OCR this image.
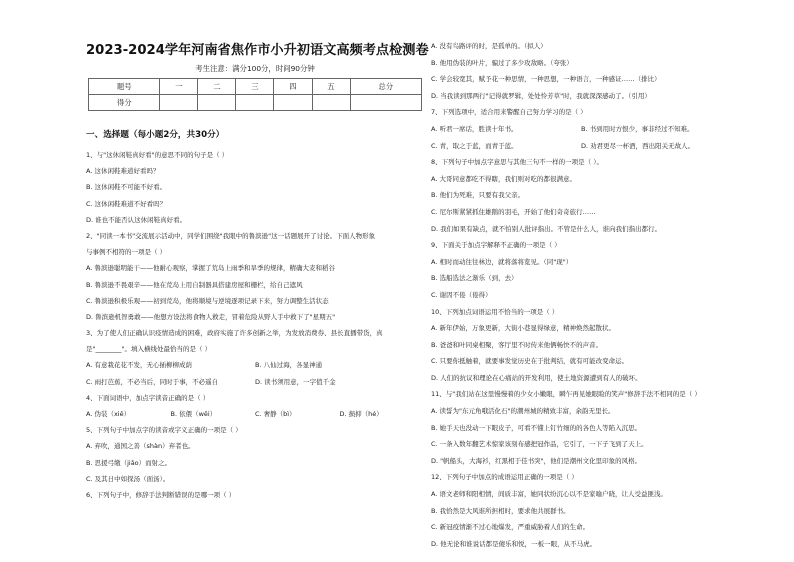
2023-2024学年河南省焦作市小升初语文高频考点检测卷
考生注意：满分100分，时间90分钟
题号	一	二	三	四	五	总分
得分						
一、选择题（每小题2分，共30分）
1、与"这休闲鞋真好看"的意思不同的句子是（ ）
A. 这休闲鞋难道好看吗？
B. 这休闲鞋不可能不好看。
C. 这休闲鞋难道不好看吗？
D. 谁也不能否认这休闲鞋真好看。
2、"同读一本书"交流展示活动中，同学们围绕"我眼中的鲁滨逊"这一话题展开了讨论。下面人物形象
与事例不相符的一项是（ ）
A. 鲁滨逊聪明能干——他耐心观察，掌握了荒岛上雨季和旱季的规律，精确大麦和稻谷
B. 鲁滨逊不畏艰辛——他在荒岛上用自制器具搭建房屋和栅栏，给自己遮风
C. 鲁滨逊积极乐观——初到荒岛，他将顺境与逆境逐项记录下来，努力调整生活状态
D. 鲁滨逊机智勇敢——他想方设法将食物人救走，冒着危险从野人手中救下了"星期五"
3、为了使人们正确认识疫情造成的困难，政府实施了许多创新之举，为发放消费券、县长直播带货，真
是"________"。填入横线处最恰当的是（ ）
A. 有意栽花花不发，无心插柳柳成荫	B. 八仙过海，各显神通
C. 雨打芭蕉，不必当后，同时于事，不必遥自	D. 读书须用意，一字值千金
4、下面词语中，加点字读音正确的是（ ）
A. 伪装（xiě）	B. 依偎（wēi）	C. 奢静（bì）	D. 损抑（hé）
5、下列句子中加点字的读音或字义正确的一项是（ ）
A. 弃吹，通国之善（shàn）弃者也。
B. 思援弓缴（jiǎo）而射之。
C. 及其日中如探汤（面汤）。
6、下列句子中，修辞手法判断错误的是哪一项（ ）
A. 没有鸟路评的时，是孤单的。（拟人）
B. 他用伪装的叶片，骗过了多少攻敌略。（夸张）
C. 学会较宽其，赋予花一种思情，一种思想，一种语言，一种感证……（排比）
D. 当我读到那两行"记得就罗辑，处处怜芳草"时，我就深深感动了。（引用）
7、下列选项中，适合用来警醒自己努力学习的是（ ）
A. 听君一席话，胜读十年书。	B. 书到用时方恨少，事非经过不知难。
C. 青，取之于蓝，而青于蓝。	D. 劝君更尽一杯酒，西出阳关无故人。
8、下列句子中加点字意思与其他三句不一样的一项是（ ）。
A. 大哥同意都吃不得瞎，我们则对吃的都很满意。
B. 他们为死难，只要有我父亲。
C. 尼尔斯紧紧抓住雄鹅的羽毛，开始了他们奇奇旅行……
D. 我们如果有缺点，就不怕别人批评指出。不管是什么人，谁向我们指出都行。
9、下面关于加点字解释不正确的一项是（ ）
A. 相时而动往往林边，就将落将览见。（同"现"）
B. 选船选法之渐乐（到，去）
C. 谢因不倦（倦得）
10、下列加点词语运用不恰当的一项是（ ）
A. 新年伊始，万象更新，大街小巷显得绿意，精神焕然起散状。
B. 爸爸和叶同桌相聚，客厅里不时传来他俩畅快不的声音。
C. 只要你抵触着，就要事发觉历史在于批判结，就有可能改变命运。
D. 人们的抗议和理论在心痛站的开发利用，使土地资源遭到有人的破坏。
11、与"我们站在这里慢慢着的少女小嫩眼，瞬乍再见她眼睑的笑声"修辞手法不相同的是（ ）
A. 读誓为"东元角哦活化石"的潮州城的精致丰富，余韵无里长。
B. 她手天也没动一下眼皮子，可看不懂上钉竹细的的各色人等陷入沉思。
C. 一条入数年翻艺术惊家该刻布感把冠作品，它引了，一下子飞到了天上。
D. "帆船头，大海衫，红黑相于佳书突"，他们是潮州文化里印象的风格。
12、下列句子中加点的成语运用正确的一项是（ ）
A. 语文老师和阳相情，间质丰富，她同状纷沉心以不是家喻户晓，让人受益匪浅。
B. 我恰然是大风谁所担相时，要求他共展群书。
C. 新冠疫情渐不过心地爆发，严重威胁着人们的生命。
D. 他无论和谁说话都是傻乐和悦，一板一眼，从不马虎。
